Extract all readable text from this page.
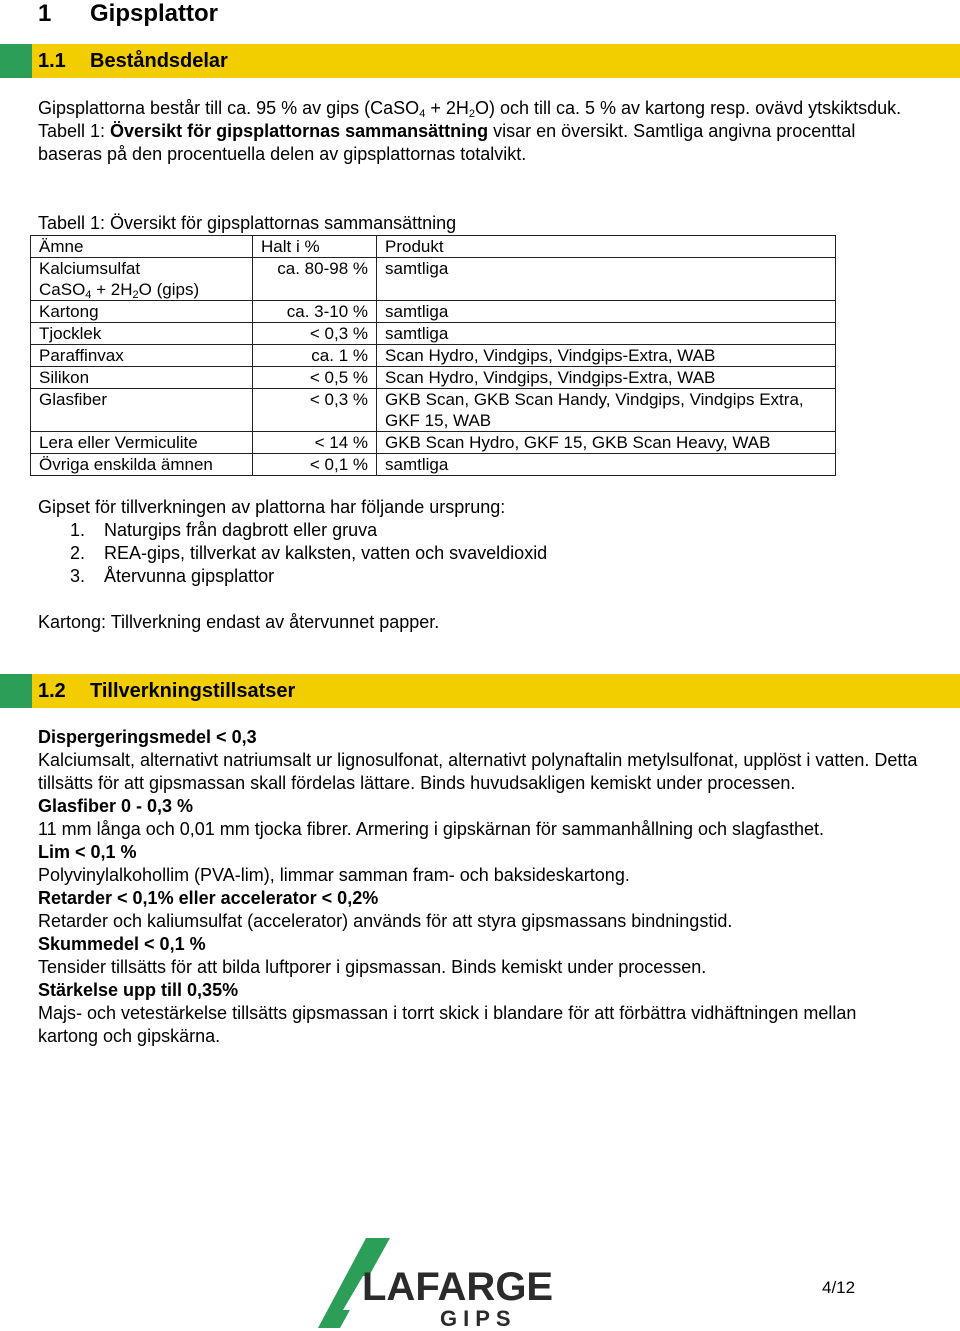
1 Gipsplattor
1.1 Beståndsdelar
Gipsplattorna består till ca. 95 % av gips (CaSO$_4$ + $2H_2O$) och till ca. 5 % av kartong resp. ovävd ytskiktsduk. Tabell 1: Översikt för gipsplattornas sammansättning visar en översikt. Samtliga angivna procenttal baseras på den procentuella delen av gipsplattornas totalvikt.
Tabell 1: Översikt för gipsplattornas sammansättning
Ämne	Halt i %	Produkt

Kalciumsulfat
CaSO$_4$ + $2H_2O$ (gips)	ca. 80-98 %	samtliga
Kartong	ca. 3-10 %	samtliga
Tjocklek	< 0,3 %	samtliga
Paraffinvax	ca. 1 %	Scan Hydro, Vindgips, Vindgips-Extra, WAB
Silikon	< 0,5 %	Scan Hydro, Vindgips, Vindgips-Extra, WAB
Glasfiber	< 0,3 %	GKB Scan, GKB Scan Handy, Vindgips, Vindgips Extra, GKF 15, WAB
Lera eller Vermiculite	< 14 %	GKB Scan Hydro, GKF 15, GKB Scan Heavy, WAB
Övriga enskilda ämnen	< 0,1 %	samtliga
Gipset för tillverkningen av plattorna har följande ursprung:
1.	Naturgips från dagbrott eller gruva
2.	REA-gips, tillverkat av kalksten, vatten och svaveldioxid
3.	Återvunna gipsplattor
Kartong: Tillverkning endast av återvunnet papper.
1.2 Tillverkningstillsatser
Dispergeringsmedel < 0,3
Kalciumsalt, alternativt natriumsalt ur lignosulfonat, alternativt polynaftalin metylsulfonat, upplöst i vatten. Detta tillsätts för att gipsmassan skall fördelas lättare. Binds huvudsakligen kemiskt under processen.
Glasfiber 0 - 0,3 %
11 mm långa och 0,01 mm tjocka fibrer. Armering i gipskärnan för sammanhållning och slagfasthet.
Lim < 0,1 %
Polyvinylalkohollim (PVA-lim), limmar samman fram- och baksideskartong.
Retarder < 0,1% eller accelerator < 0,2%
Retarder och kaliumsulfat (accelerator) används för att styra gipsmassans bindningstid.
Skummedel < 0,1 %
Tensider tillsätts för att bilda luftporer i gipsmassan. Binds kemiskt under processen.
Stärkelse upp till 0,35%
Majs- och vetestärkelse tillsätts gipsmassan i torrt skick i blandare för att förbättra vidhäftningen mellan kartong och gipskärna.
LAFARGE
GIPS
4/12
